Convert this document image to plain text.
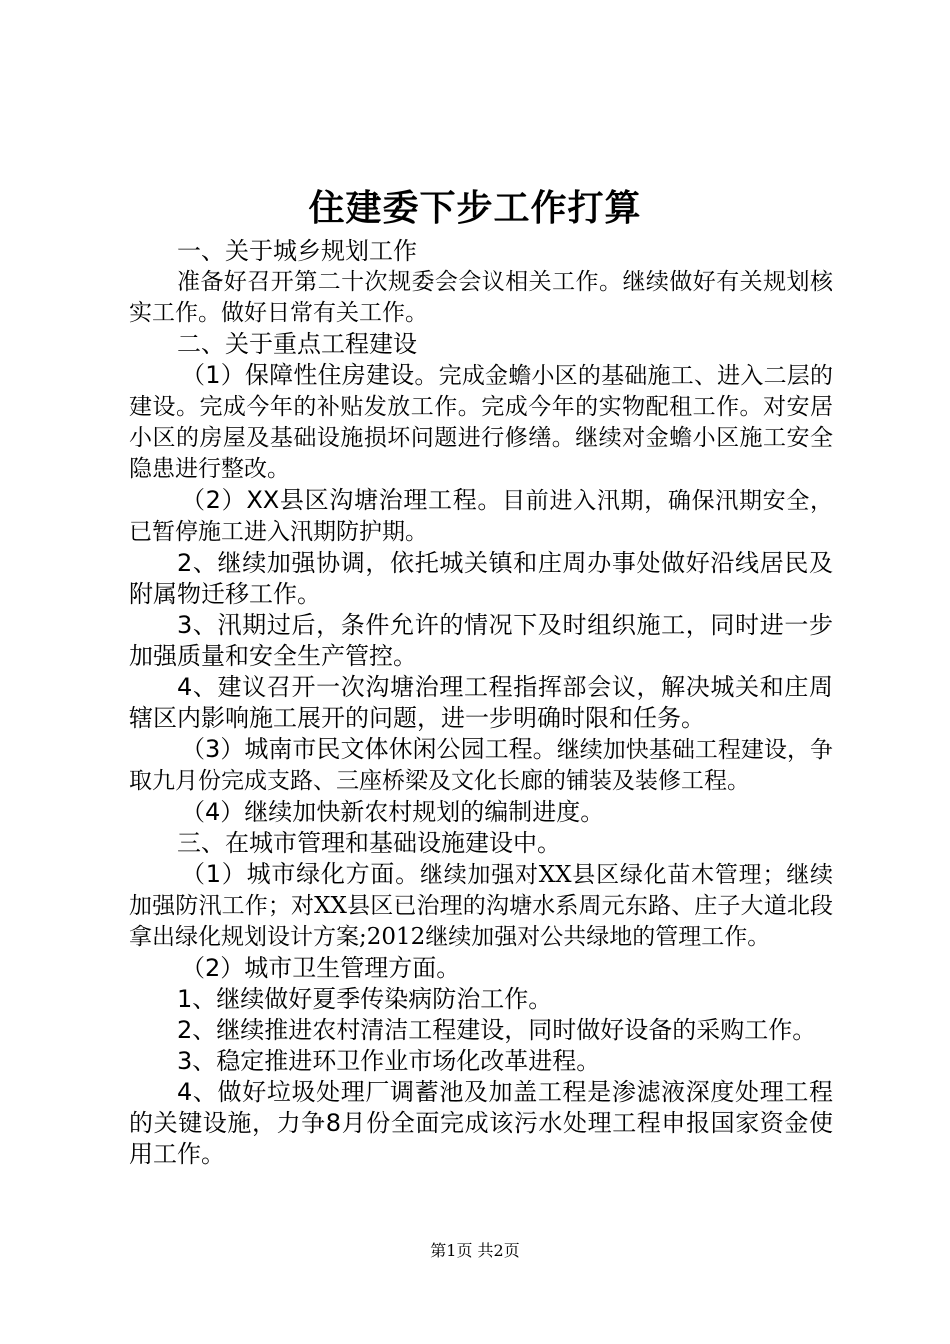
住建委下步工作打算

一、关于城乡规划工作

准备好召开第二十次规委会会议相关工作。继续做好有关规划核实工作。做好日常有关工作。

二、关于重点工程建设

（1）保障性住房建设。完成金蟾小区的基础施工、进入二层的建设。完成今年的补贴发放工作。完成今年的实物配租工作。对安居小区的房屋及基础设施损坏问题进行修缮。继续对金蟾小区施工安全隐患进行整改。

（2）XX县区沟塘治理工程。目前进入汛期，确保汛期安全，已暂停施工进入汛期防护期。

2、继续加强协调，依托城关镇和庄周办事处做好沿线居民及附属物迁移工作。

3、汛期过后，条件允许的情况下及时组织施工，同时进一步加强质量和安全生产管控。

4、建议召开一次沟塘治理工程指挥部会议，解决城关和庄周辖区内影响施工展开的问题，进一步明确时限和任务。

（3）城南市民文体休闲公园工程。继续加快基础工程建设，争取九月份完成支路、三座桥梁及文化长廊的铺装及装修工程。

（4）继续加快新农村规划的编制进度。

三、在城市管理和基础设施建设中。

（1）城市绿化方面。继续加强对XX县区绿化苗木管理；继续加强防汛工作；对XX县区已治理的沟塘水系周元东路、庄子大道北段拿出绿化规划设计方案;2012继续加强对公共绿地的管理工作。

（2）城市卫生管理方面。

1、继续做好夏季传染病防治工作。

2、继续推进农村清洁工程建设，同时做好设备的采购工作。

3、稳定推进环卫作业市场化改革进程。

4、做好垃圾处理厂调蓄池及加盖工程是渗滤液深度处理工程的关键设施，力争8月份全面完成该污水处理工程申报国家资金使用工作。

第1页 共2页
